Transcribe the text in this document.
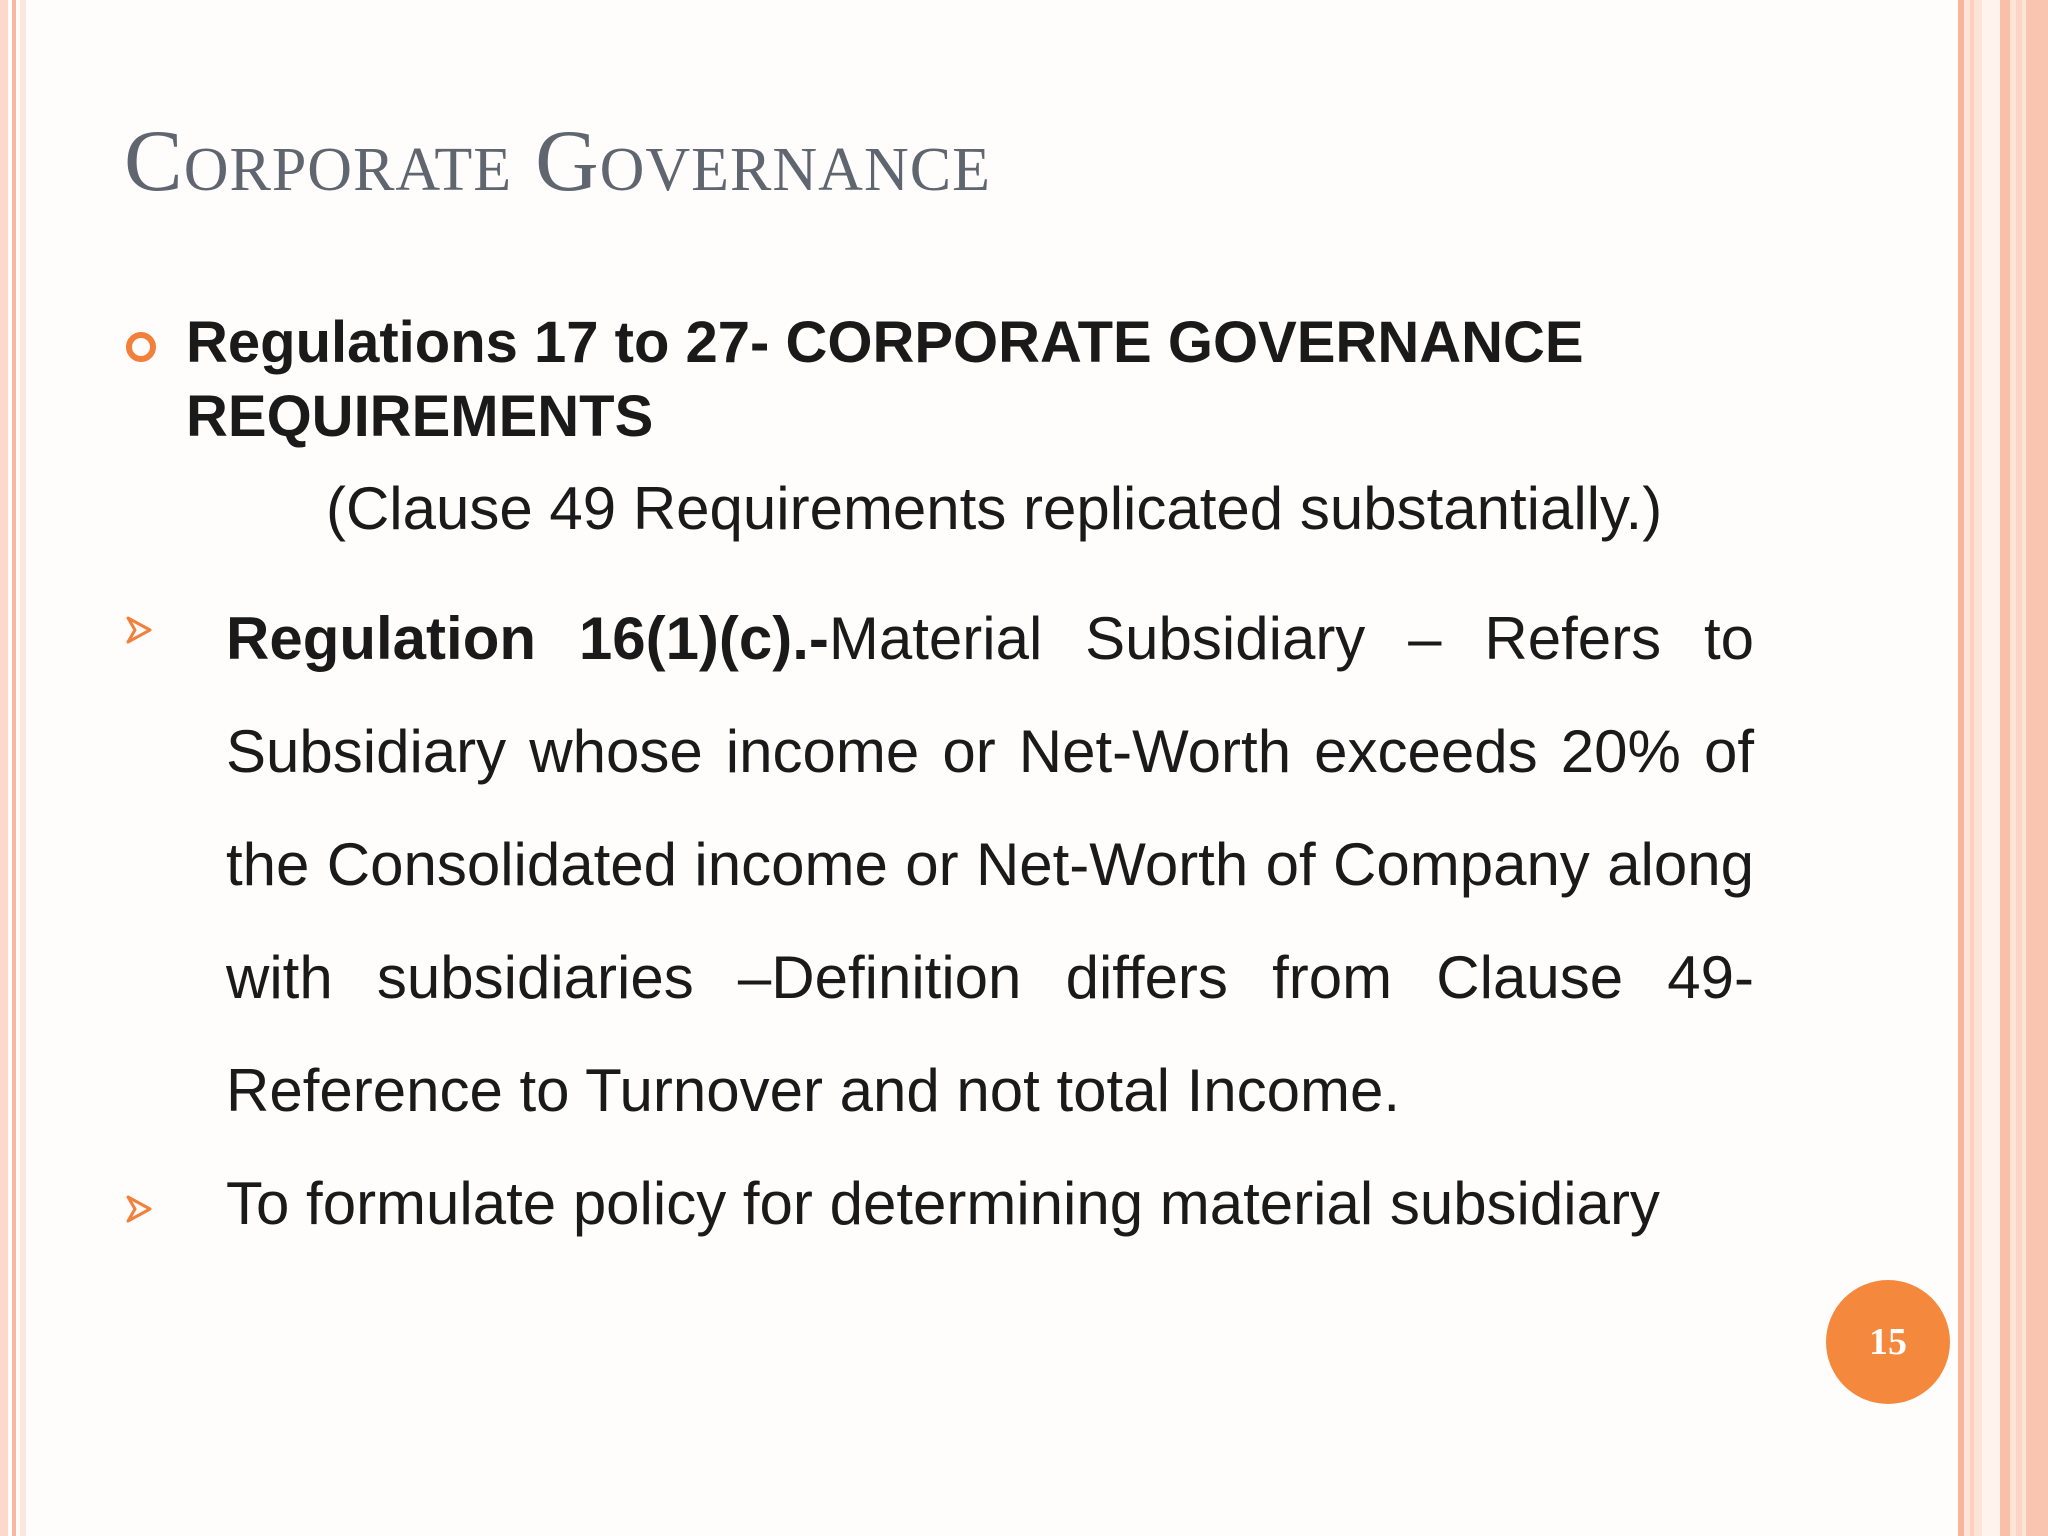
Corporate Governance

Regulations 17 to 27- CORPORATE GOVERNANCE REQUIREMENTS

(Clause 49 Requirements replicated substantially.)

Regulation 16(1)(c).-Material Subsidiary – Refers to Subsidiary whose income or Net-Worth exceeds 20% of the Consolidated income or Net-Worth of Company along with subsidiaries –Definition differs from Clause 49-Reference to Turnover and not total Income.

To formulate policy for determining material subsidiary
15
